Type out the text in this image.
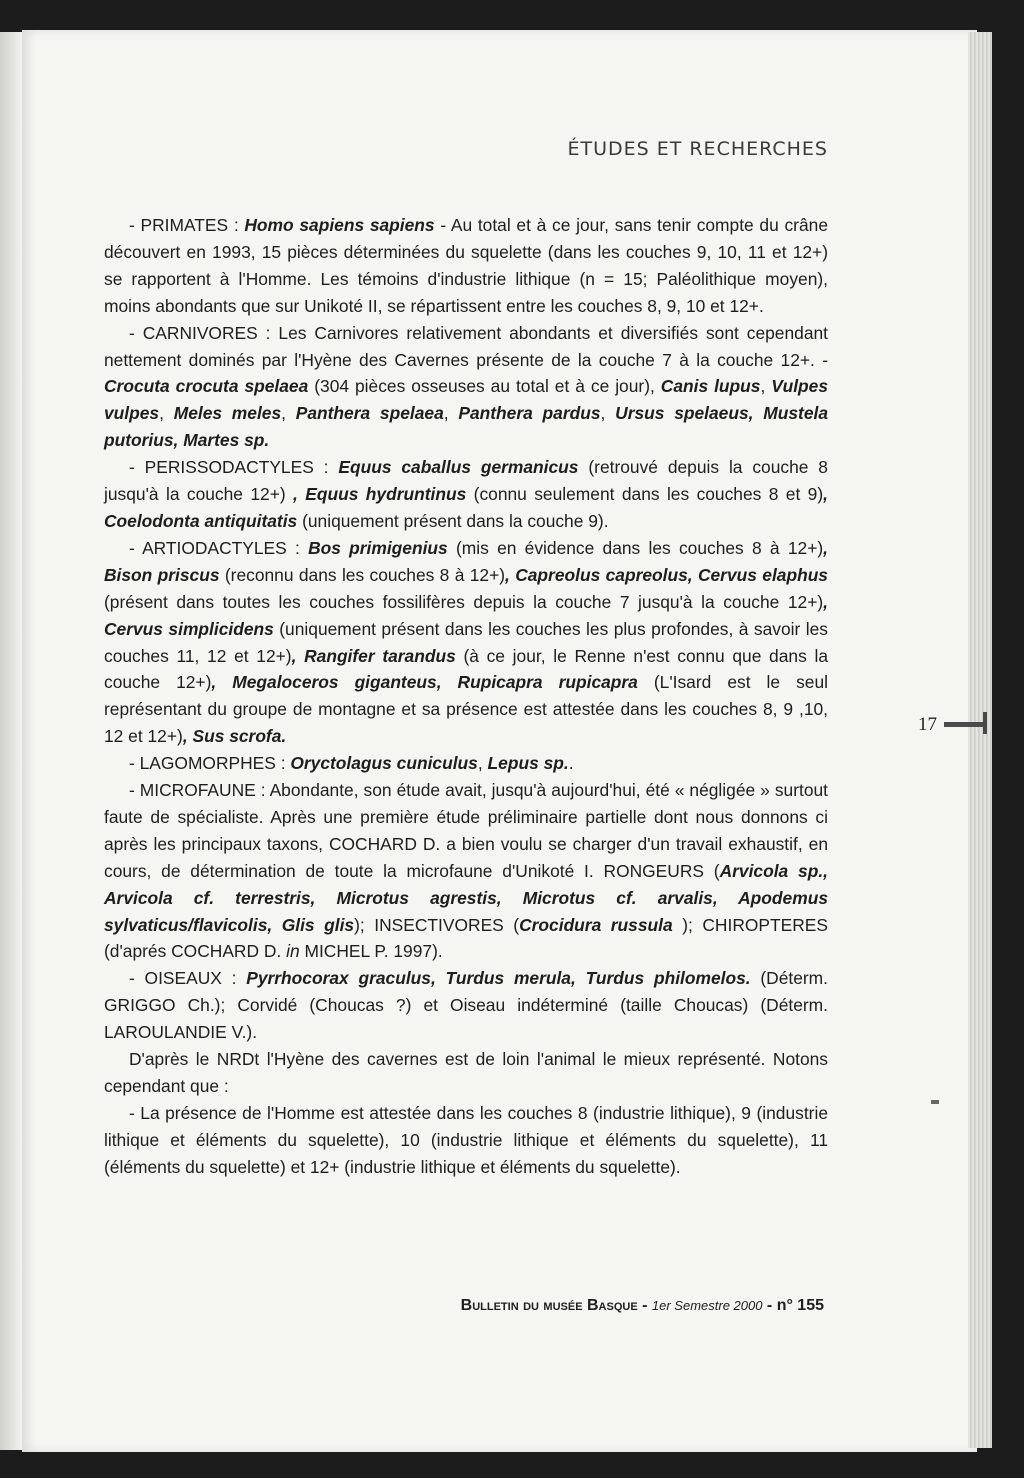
ÉTUDES ET RECHERCHES

- PRIMATES : Homo sapiens sapiens - Au total et à ce jour, sans tenir compte du crâne découvert en 1993, 15 pièces déterminées du squelette (dans les couches 9, 10, 11 et 12+) se rapportent à l'Homme. Les témoins d'industrie lithique (n = 15; Paléolithique moyen), moins abondants que sur Unikoté II, se répartissent entre les couches 8, 9, 10 et 12+.

- CARNIVORES : Les Carnivores relativement abondants et diversifiés sont cependant nettement dominés par l'Hyène des Cavernes présente de la couche 7 à la couche 12+. - Crocuta crocuta spelaea (304 pièces osseuses au total et à ce jour), Canis lupus, Vulpes vulpes, Meles meles, Panthera spelaea, Panthera pardus, Ursus spelaeus, Mustela putorius, Martes sp.

- PERISSODACTYLES : Equus caballus germanicus (retrouvé depuis la couche 8 jusqu'à la couche 12+) , Equus hydruntinus (connu seulement dans les couches 8 et 9), Coelodonta antiquitatis (uniquement présent dans la couche 9).

- ARTIODACTYLES : Bos primigenius (mis en évidence dans les couches 8 à 12+), Bison priscus (reconnu dans les couches 8 à 12+), Capreolus capreolus, Cervus elaphus (présent dans toutes les couches fossilifères depuis la couche 7 jusqu'à la couche 12+), Cervus simplicidens (uniquement présent dans les couches les plus profondes, à savoir les couches 11, 12 et 12+), Rangifer tarandus (à ce jour, le Renne n'est connu que dans la couche 12+), Megaloceros giganteus, Rupicapra rupicapra (L'Isard est le seul représentant du groupe de montagne et sa présence est attestée dans les couches 8, 9 ,10, 12 et 12+), Sus scrofa.

- LAGOMORPHES : Oryctolagus cuniculus, Lepus sp..

- MICROFAUNE : Abondante, son étude avait, jusqu'à aujourd'hui, été « négligée » surtout faute de spécialiste. Après une première étude préliminaire partielle dont nous donnons ci après les principaux taxons, COCHARD D. a bien voulu se charger d'un travail exhaustif, en cours, de détermination de toute la microfaune d'Unikoté I. RONGEURS (Arvicola sp., Arvicola cf. terrestris, Microtus agrestis, Microtus cf. arvalis, Apodemus sylvaticus/flavicolis, Glis glis); INSECTIVORES (Crocidura russula ); CHIROPTERES (d'aprés COCHARD D. in MICHEL P. 1997).

- OISEAUX : Pyrrhocorax graculus, Turdus merula, Turdus philomelos. (Déterm. GRIGGO Ch.); Corvidé (Choucas ?) et Oiseau indéterminé (taille Choucas) (Déterm. LAROULANDIE V.).

D'après le NRDt l'Hyène des cavernes est de loin l'animal le mieux représenté. Notons cependant que :

- La présence de l'Homme est attestée dans les couches 8 (industrie lithique), 9 (industrie lithique et éléments du squelette), 10 (industrie lithique et éléments du squelette), 11 (éléments du squelette) et 12+ (industrie lithique et éléments du squelette).

17
Bulletin du musée Basque - 1er Semestre 2000 - n° 155
